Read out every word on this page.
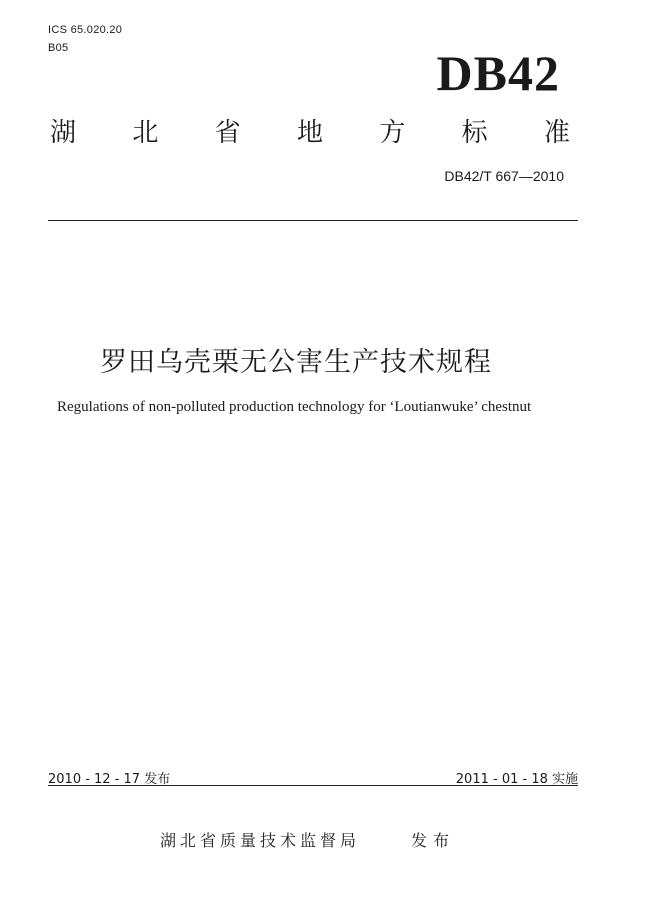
ICS 65.020.20
B05	DB42
湖 北 省 地 方 标 准
DB42/T 667—2010
罗田乌壳栗无公害生产技术规程
Regulations of non-polluted production technology for ‘Loutianwuke’ chestnut
2010 - 12 - 17 发布	2011 - 01 - 18 实施
湖北省质量技术监督局	发布
